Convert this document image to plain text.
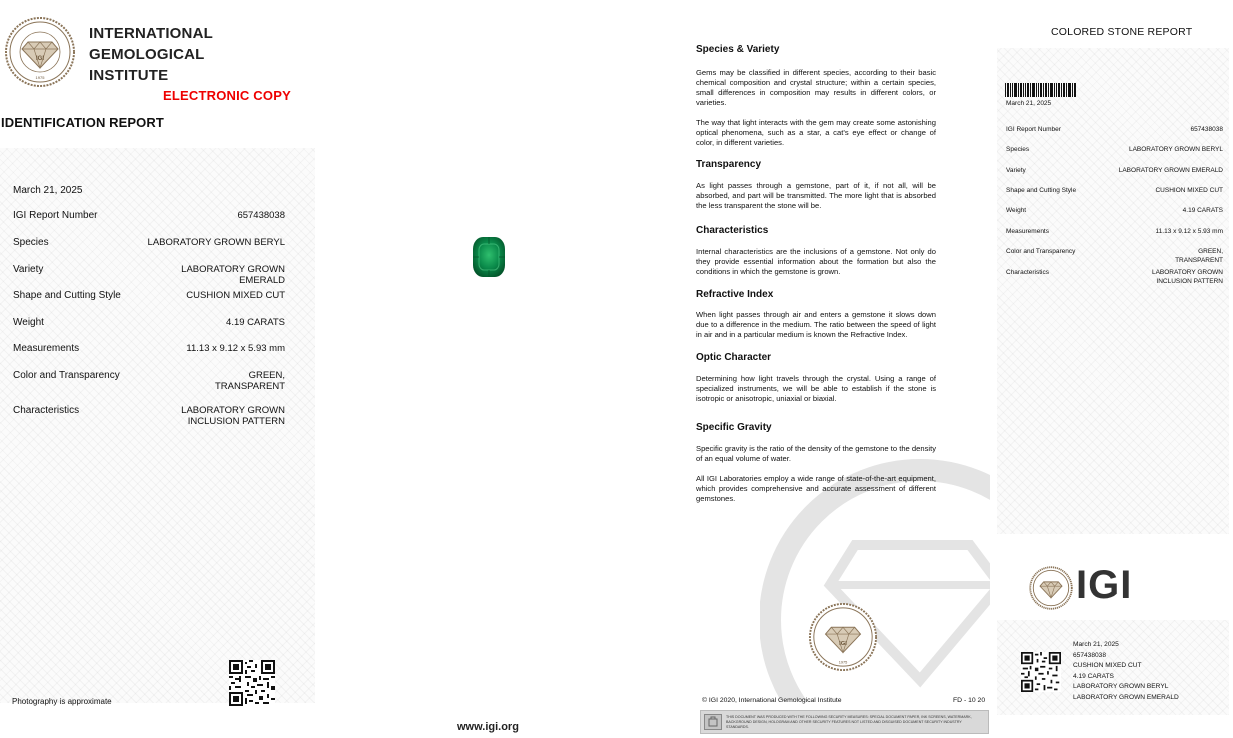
IGI
1975
INTERNATIONAL
GEMOLOGICAL
INSTITUTE
ELECTRONIC COPY
IDENTIFICATION REPORT
March 21, 2025
IGI Report Number	657438038
Species	LABORATORY GROWN BERYL
Variety	LABORATORY GROWN EMERALD
Shape and Cutting Style	CUSHION MIXED CUT
Weight	4.19 CARATS
Measurements	11.13 x 9.12 x 5.93 mm
Color and Transparency	GREEN, TRANSPARENT
Characteristics	LABORATORY GROWN INCLUSION PATTERN
Photography is approximate
www.igi.org
IGI
1975
Species & Variety
Gems may be classified in different species, according to their basic chemical composition and crystal structure; within a certain species, small differences in composition may results in different colors, or varieties.
The way that light interacts with the gem may create some astonishing optical phenomena, such as a star, a cat’s eye effect or change of color, in different varieties.
Transparency
As light passes through a gemstone, part of it, if not all, will be absorbed, and part will be transmitted. The more light that is absorbed the less transparent the stone will be.
Characteristics
Internal characteristics are the inclusions of a gemstone. Not only do they provide essential information about the formation but also the conditions in which the gemstone is grown.
Refractive Index
When light passes through air and enters a gemstone it slows down due to a difference in the medium. The ratio between the speed of light in air and in a particular medium is known the Refractive Index.
Optic Character
Determining how light travels through the crystal. Using a range of specialized instruments, we will be able to establish if the stone is isotropic or anisotropic, uniaxial or biaxial.
Specific Gravity
Specific gravity is the ratio of the density of the gemstone to the density of an equal volume of water.
All IGI Laboratories employ a wide range of state-of-the-art equipment, which provides comprehensive and accurate assessment of different gemstones.
© IGI 2020, International Gemological Institute	FD - 10 20
THIS DOCUMENT WAS PRODUCED WITH THE FOLLOWING SECURITY MEASURES: SPECIAL DOCUMENT PAPER, INK SCREENS, WATERMARK, BACKGROUND DESIGN, HOLOGRAM AND OTHER SECURITY FEATURES NOT LISTED AND DISGUISED DOCUMENT SECURITY INDUSTRY STANDARDS.
COLORED STONE REPORT
March 21, 2025
IGI Report Number	657438038
Species	LABORATORY GROWN BERYL
Variety	LABORATORY GROWN EMERALD
Shape and Cutting Style	CUSHION MIXED CUT
Weight	4.19 CARATS
Measurements	11.13 x 9.12 x 5.93 mm
Color and Transparency	GREEN, TRANSPARENT
Characteristics	LABORATORY GROWN INCLUSION PATTERN
IGI
March 21, 2025
657438038
CUSHION MIXED CUT
4.19 CARATS
LABORATORY GROWN BERYL
LABORATORY GROWN EMERALD
